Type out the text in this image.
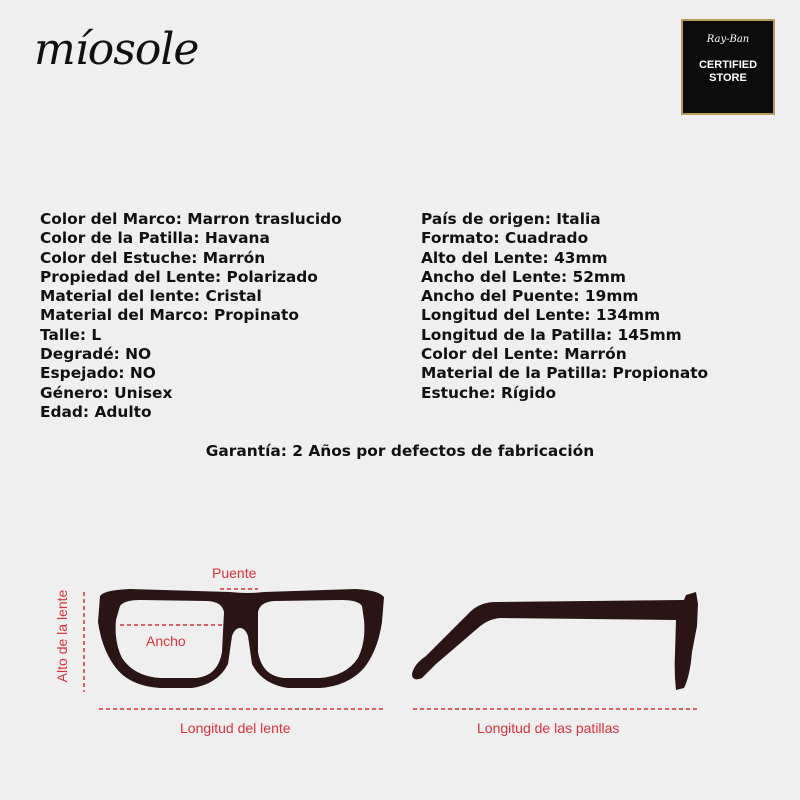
míosole	Ray-Ban
CERTIFIED STORE
Color del Marco: Marron traslucido
Color de la Patilla: Havana
Color del Estuche: Marrón
Propiedad del Lente: Polarizado
Material del lente: Cristal
Material del Marco: Propinato
Talle: L
Degradé: NO
Espejado: NO
Género: Unisex
Edad: Adulto
País de origen: Italia
Formato: Cuadrado
Alto del Lente: 43mm
Ancho del Lente: 52mm
Ancho del Puente: 19mm
Longitud del Lente: 134mm
Longitud de la Patilla: 145mm
Color del Lente: Marrón
Material de la Patilla: Propionato
Estuche: Rígido
Garantía: 2 Años por defectos de fabricación
Puente
Ancho
Alto de la lente
Longitud del lente	Longitud de las patillas
